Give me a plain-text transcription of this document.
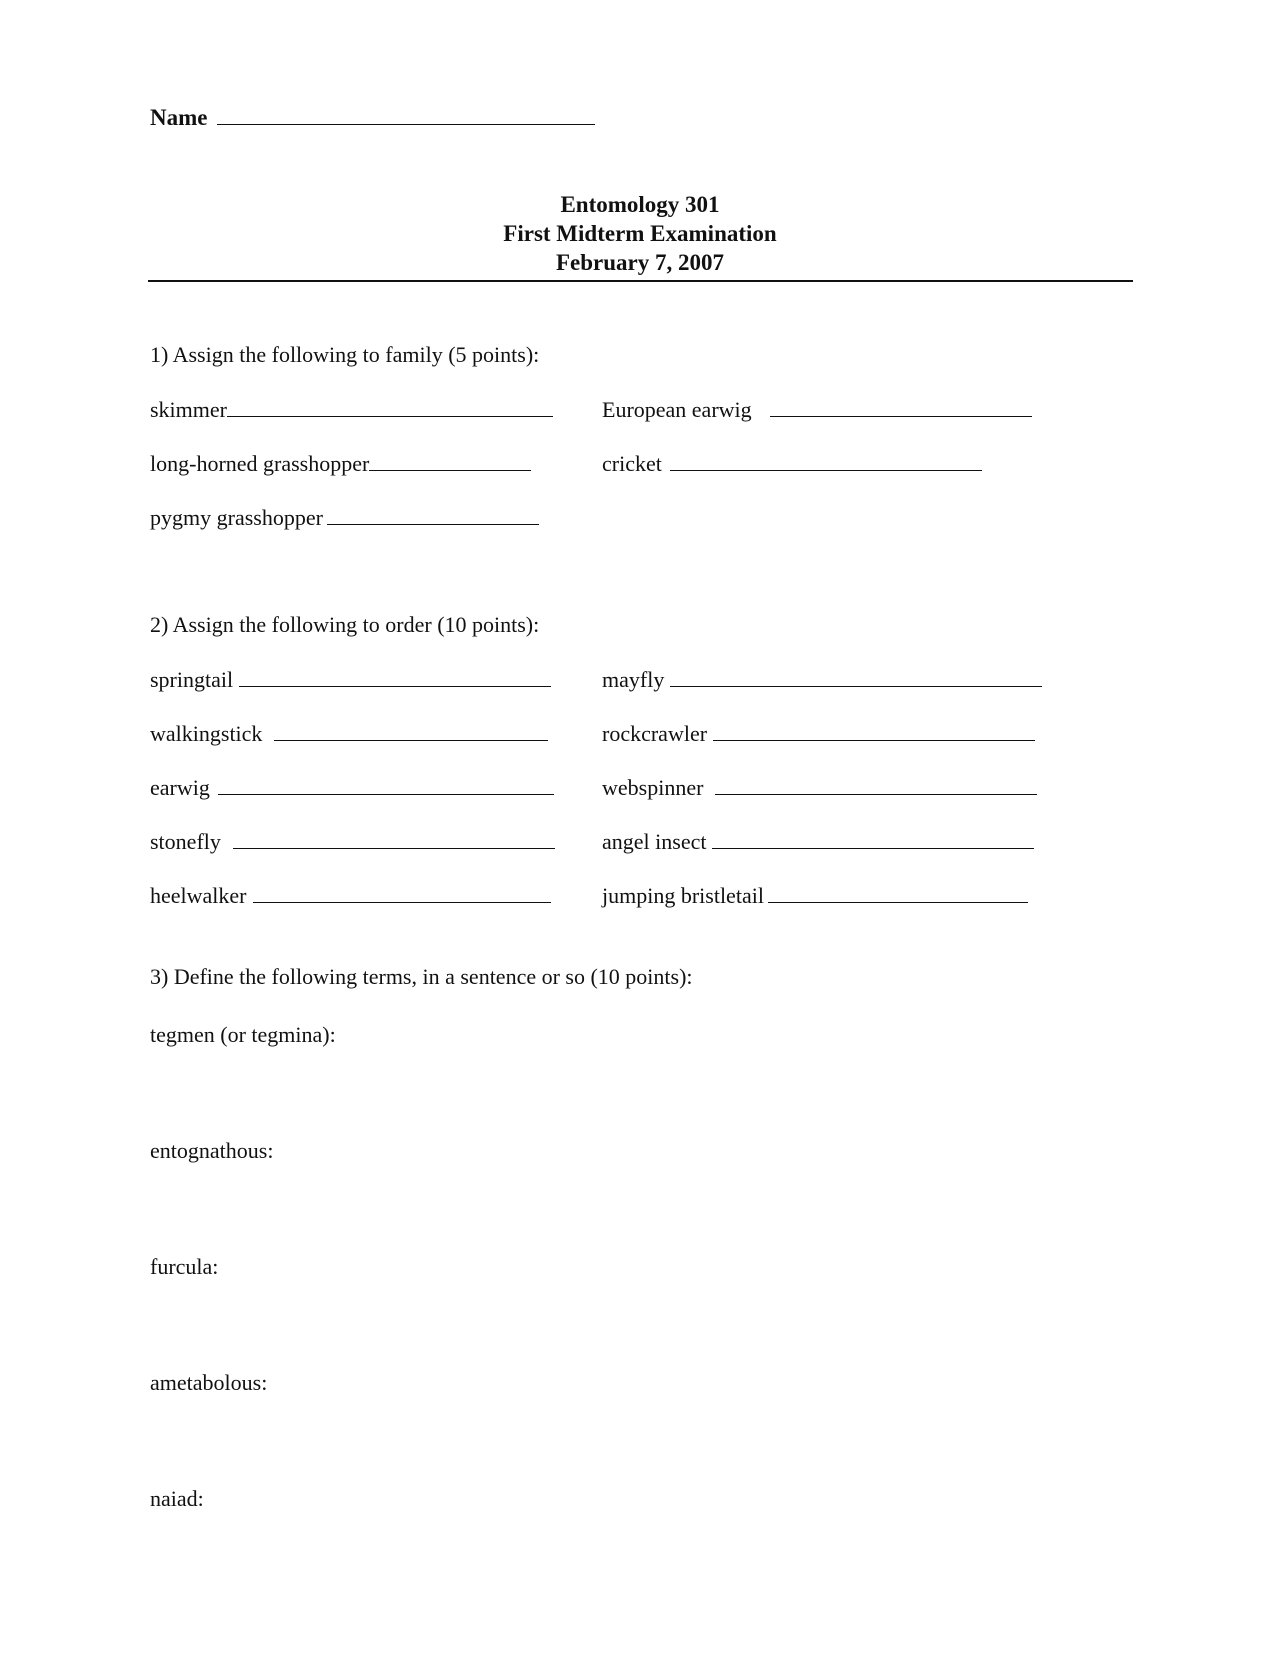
Name
Entomology 301
First Midterm Examination
February 7, 2007
1) Assign the following to family (5 points):
skimmer	European earwig
long-horned grasshopper	cricket
pygmy grasshopper
2) Assign the following to order (10 points):
springtail	mayfly
walkingstick	rockcrawler
earwig	webspinner
stonefly	angel insect
heelwalker	jumping bristletail
3) Define the following terms, in a sentence or so (10 points):
tegmen (or tegmina):
entognathous:
furcula:
ametabolous:
naiad:
